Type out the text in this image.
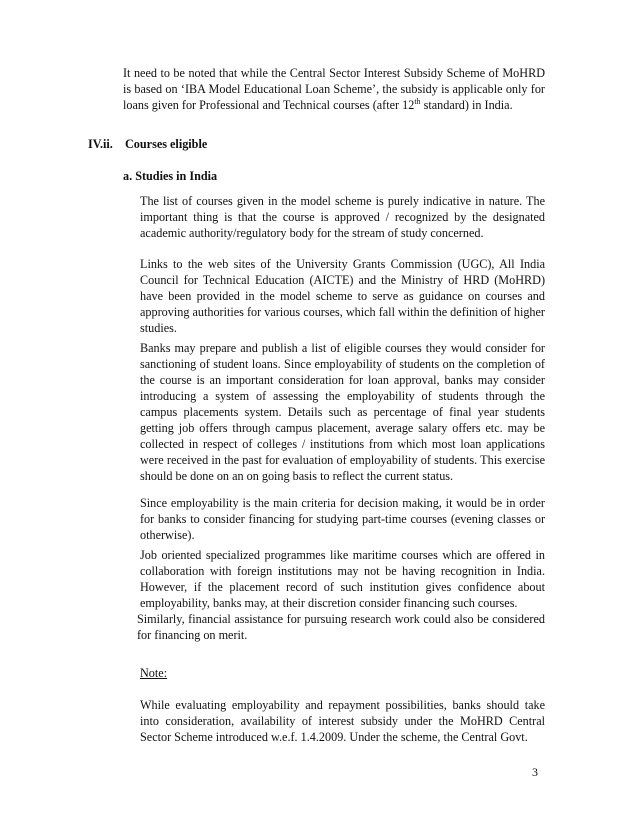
It need to be noted that while the Central Sector Interest Subsidy Scheme of MoHRD is based on ‘IBA Model Educational Loan Scheme’, the subsidy is applicable only for loans given for Professional and Technical courses (after 12th standard) in India.

IV.ii. Courses eligible
a. Studies in India

The list of courses given in the model scheme is purely indicative in nature. The important thing is that the course is approved / recognized by the designated academic authority/regulatory body for the stream of study concerned.

Links to the web sites of the University Grants Commission (UGC), All India Council for Technical Education (AICTE) and the Ministry of HRD (MoHRD) have been provided in the model scheme to serve as guidance on courses and approving authorities for various courses, which fall within the definition of higher studies.

Banks may prepare and publish a list of eligible courses they would consider for sanctioning of student loans. Since employability of students on the completion of the course is an important consideration for loan approval, banks may consider introducing a system of assessing the employability of students through the campus placements system. Details such as percentage of final year students getting job offers through campus placement, average salary offers etc. may be collected in respect of colleges / institutions from which most loan applications were received in the past for evaluation of employability of students. This exercise should be done on an on going basis to reflect the current status.

Since employability is the main criteria for decision making, it would be in order for banks to consider financing for studying part-time courses (evening classes or otherwise).

Job oriented specialized programmes like maritime courses which are offered in collaboration with foreign institutions may not be having recognition in India. However, if the placement record of such institution gives confidence about employability, banks may, at their discretion consider financing such courses.

Similarly, financial assistance for pursuing research work could also be considered for financing on merit.

Note:

While evaluating employability and repayment possibilities, banks should take into consideration, availability of interest subsidy under the MoHRD Central Sector Scheme introduced w.e.f. 1.4.2009. Under the scheme, the Central Govt.

3
